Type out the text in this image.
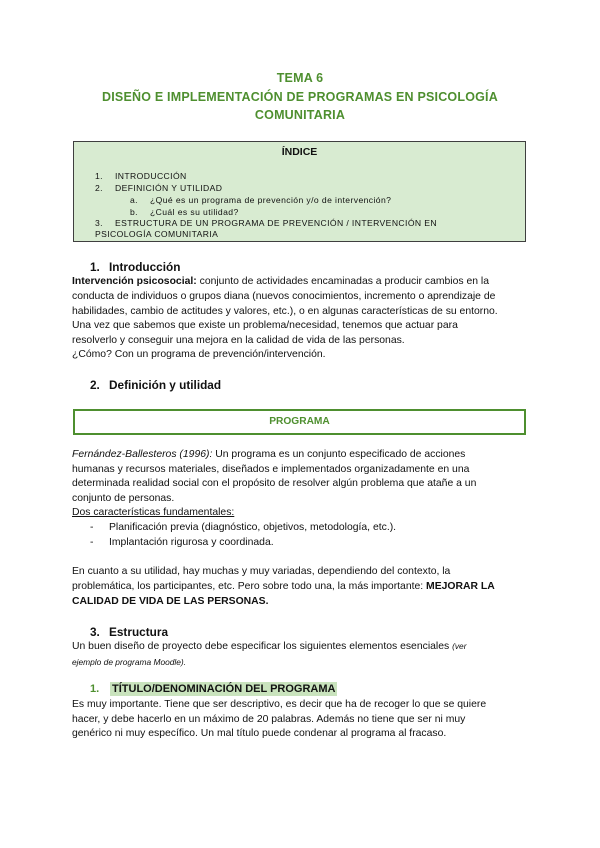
TEMA 6
DISEÑO E IMPLEMENTACIÓN DE PROGRAMAS EN PSICOLOGÍA
COMUNITARIA
ÍNDICE
1. INTRODUCCIÓN
2. DEFINICIÓN Y UTILIDAD
a. ¿Qué es un programa de prevención y/o de intervención?
b. ¿Cuál es su utilidad?
3. ESTRUCTURA DE UN PROGRAMA DE PREVENCIÓN / INTERVENCIÓN EN
PSICOLOGÍA COMUNITARIA
1. Introducción
Intervención psicosocial: conjunto de actividades encaminadas a producir cambios en la
conducta de individuos o grupos diana (nuevos conocimientos, incremento o aprendizaje de
habilidades, cambio de actitudes y valores, etc.), o en algunas características de su entorno.
Una vez que sabemos que existe un problema/necesidad, tenemos que actuar para
resolverlo y conseguir una mejora en la calidad de vida de las personas.
¿Cómo? Con un programa de prevención/intervención.
2. Definición y utilidad
PROGRAMA
Fernández-Ballesteros (1996): Un programa es un conjunto especificado de acciones
humanas y recursos materiales, diseñados e implementados organizadamente en una
determinada realidad social con el propósito de resolver algún problema que atañe a un
conjunto de personas.
Dos características fundamentales:
- Planificación previa (diagnóstico, objetivos, metodología, etc.).
- Implantación rigurosa y coordinada.
En cuanto a su utilidad, hay muchas y muy variadas, dependiendo del contexto, la
problemática, los participantes, etc. Pero sobre todo una, la más importante: MEJORAR LA
CALIDAD DE VIDA DE LAS PERSONAS.
3. Estructura
Un buen diseño de proyecto debe especificar los siguientes elementos esenciales (ver
ejemplo de programa Moodle).
1. TÍTULO/DENOMINACIÓN DEL PROGRAMA
Es muy importante. Tiene que ser descriptivo, es decir que ha de recoger lo que se quiere
hacer, y debe hacerlo en un máximo de 20 palabras. Además no tiene que ser ni muy
genérico ni muy específico. Un mal título puede condenar al programa al fracaso.
